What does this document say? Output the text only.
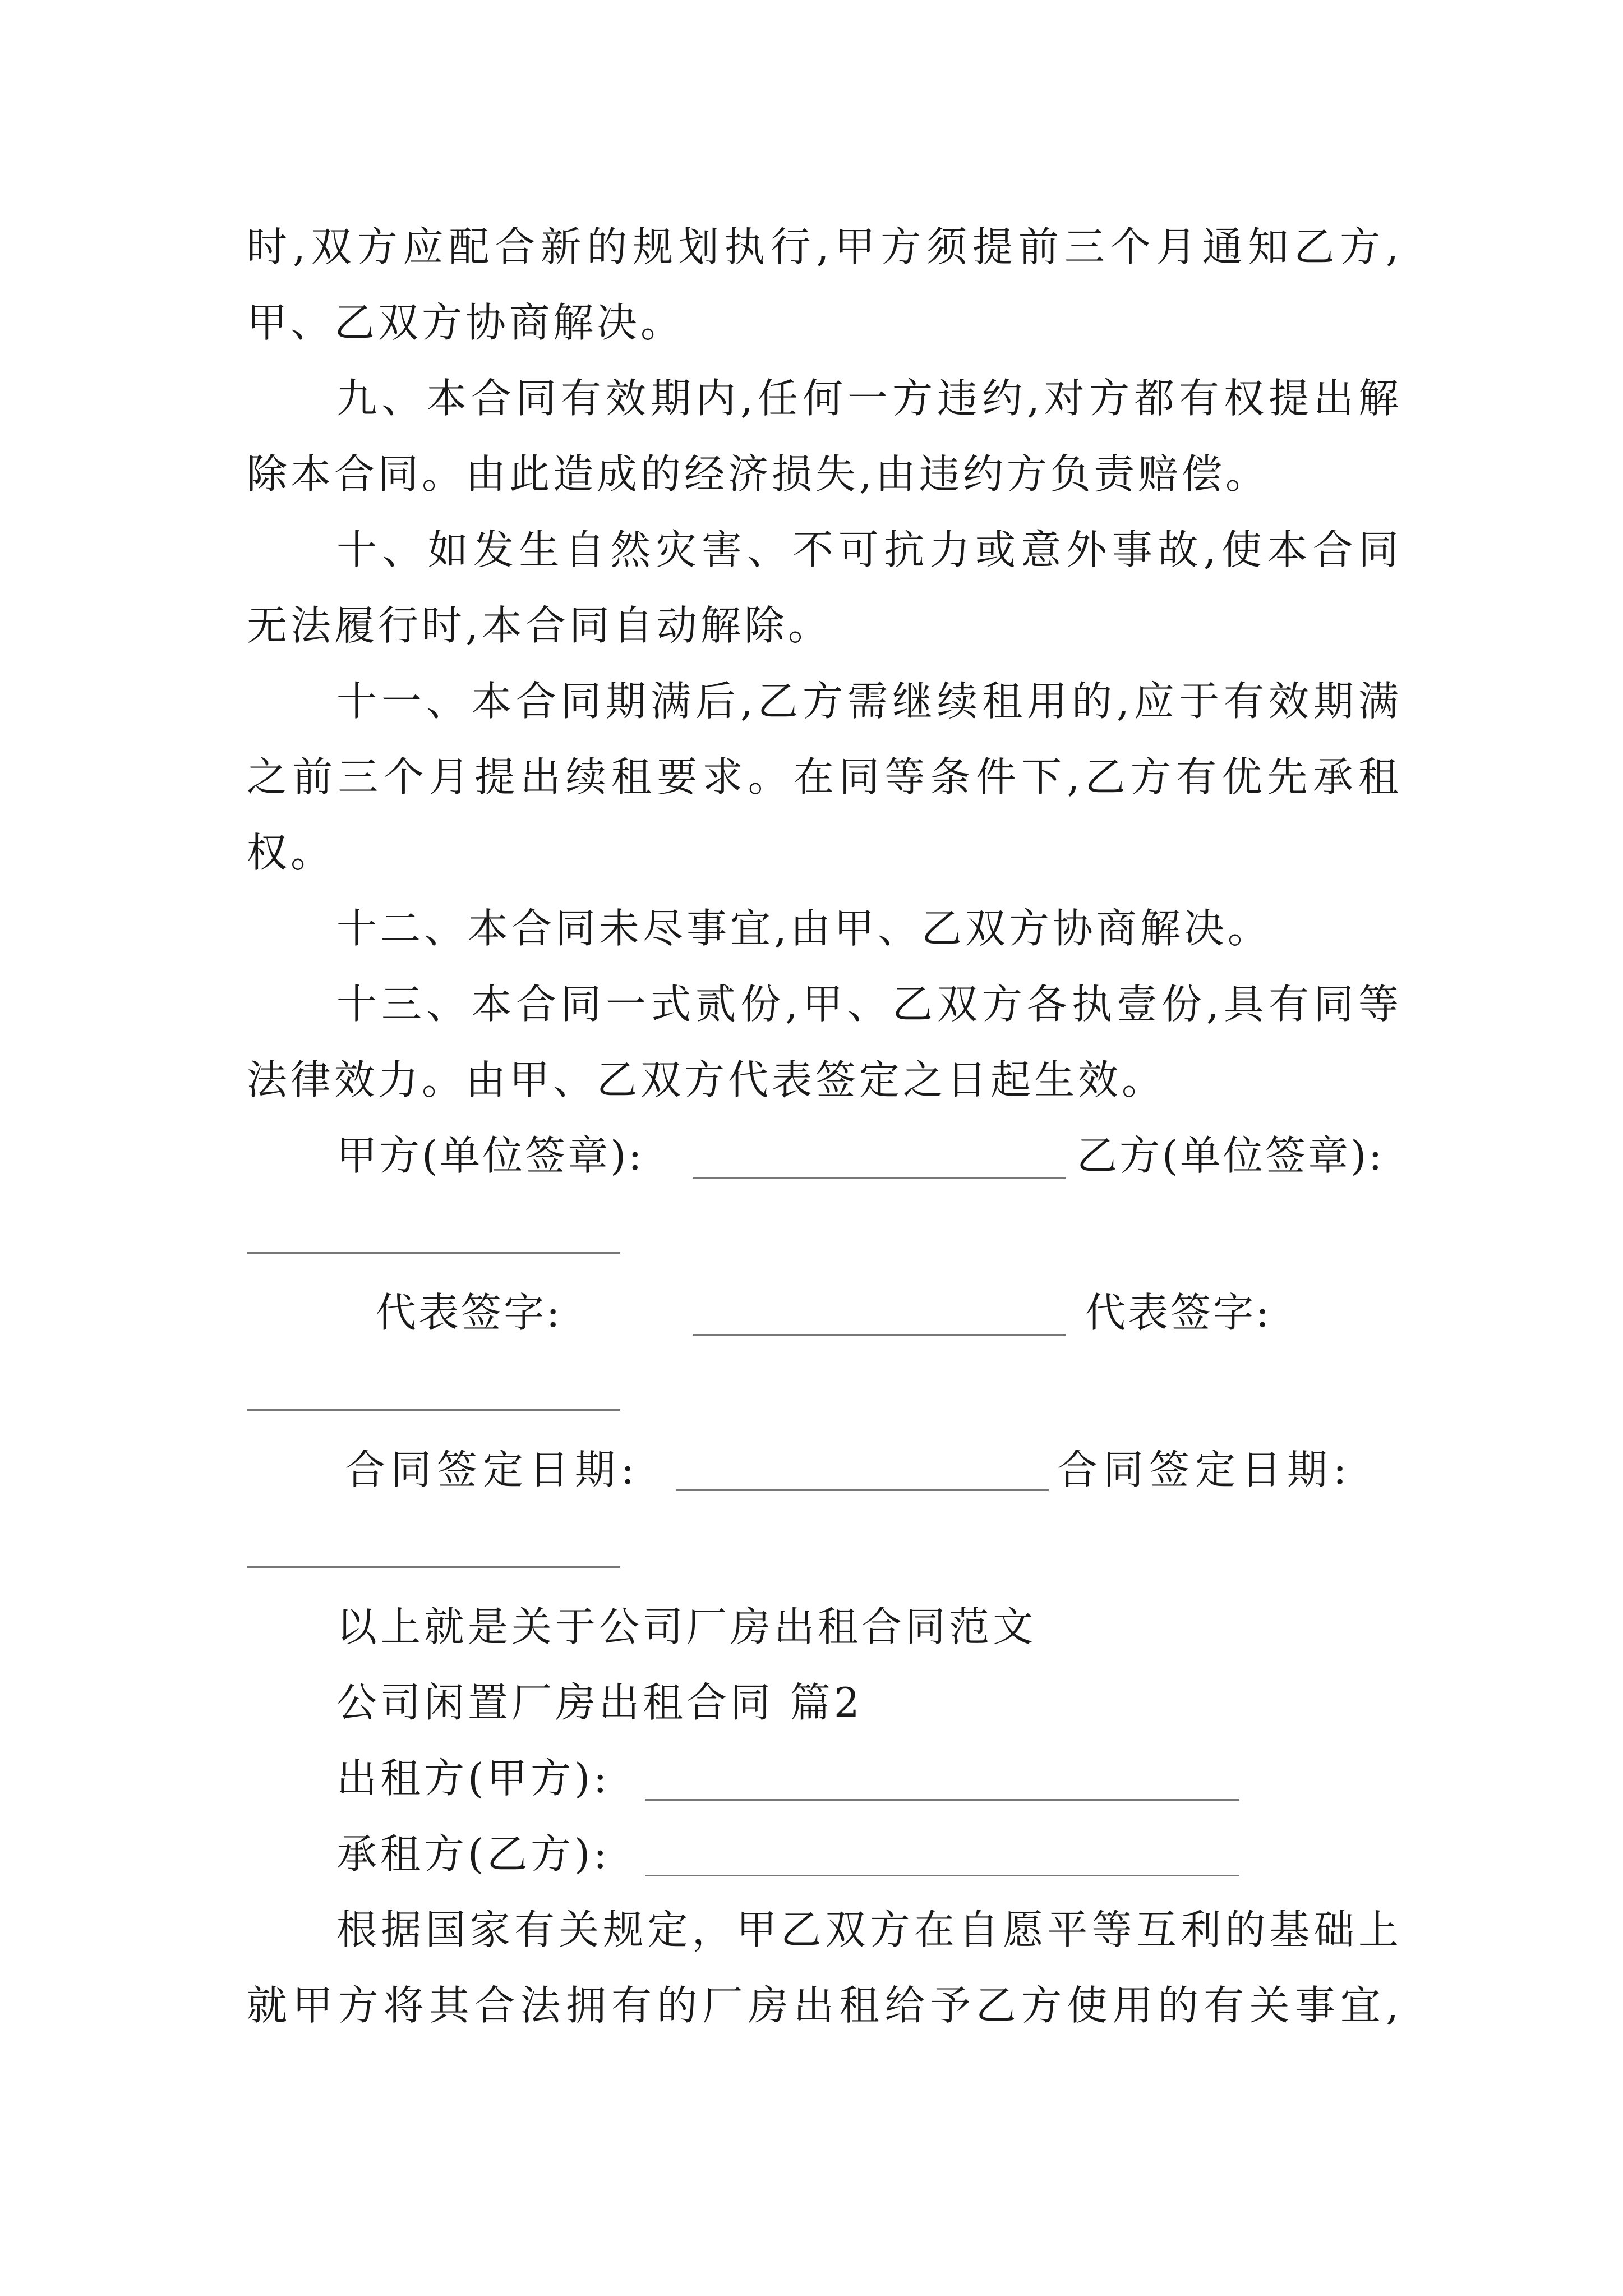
时,双方应配合新的规划执行,甲方须提前三个月通知乙方,
甲、乙双方协商解决。
九、本合同有效期内,任何一方违约,对方都有权提出解
除本合同。由此造成的经济损失,由违约方负责赔偿。
十、如发生自然灾害、不可抗力或意外事故,使本合同
无法履行时,本合同自动解除。
十一、本合同期满后,乙方需继续租用的,应于有效期满
之前三个月提出续租要求。在同等条件下,乙方有优先承租
权。
十二、本合同未尽事宜,由甲、乙双方协商解决。
十三、本合同一式贰份,甲、乙双方各执壹份,具有同等
法律效力。由甲、乙双方代表签定之日起生效。
甲方(单位签章):	乙方(单位签章):
代表签字:	代表签字:
合同签定日期:	合同签定日期:
以上就是关于公司厂房出租合同范文
公司闲置厂房出租合同 篇2
出租方(甲方):
承租方(乙方):
根据国家有关规定，甲乙双方在自愿平等互利的基础上
就甲方将其合法拥有的厂房出租给予乙方使用的有关事宜,
